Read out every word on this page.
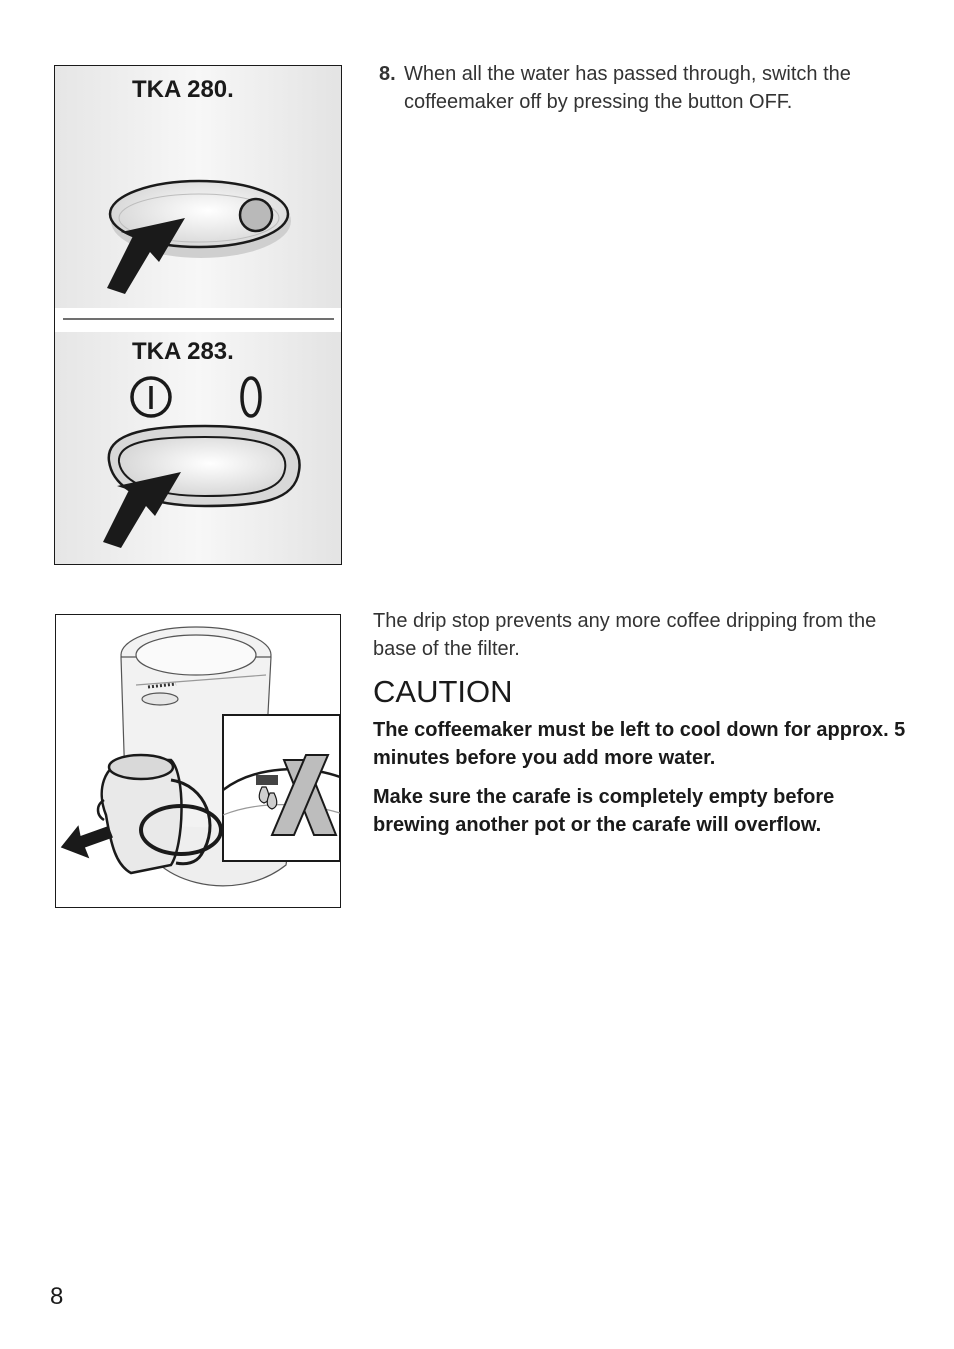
TKA 280.
TKA 283.
8. When all the water has passed through, switch the coffeemaker off by pressing the button OFF.
The drip stop prevents any more coffee dripping from the base of the filter.
CAUTION
The coffeemaker must be left to cool down for approx. 5 minutes before you add more water.
Make sure the carafe is completely empty before brewing another pot or the carafe will overflow.
8
